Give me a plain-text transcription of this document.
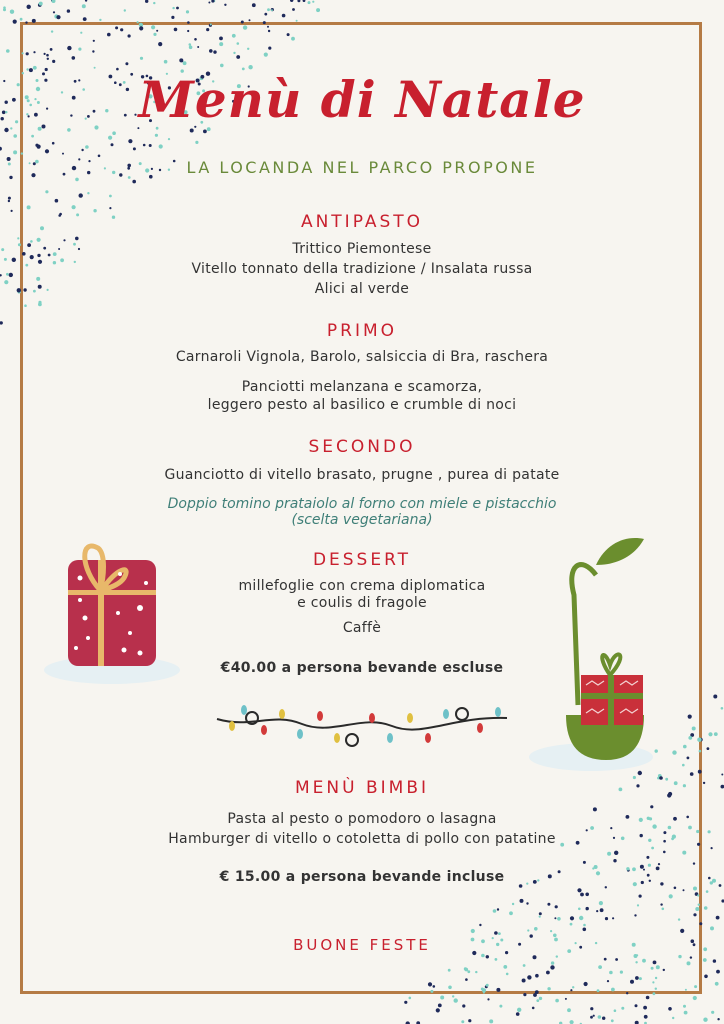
Menù di Natale
LA LOCANDA NEL PARCO PROPONE
ANTIPASTO
Trittico Piemontese
Vitello tonnato della tradizione / Insalata russa
Alici al verde
PRIMO
Carnaroli Vignola, Barolo, salsiccia di Bra, raschera
Panciotti melanzana e scamorza,
leggero pesto al basilico e crumble di noci
SECONDO
Guanciotto di vitello brasato, prugne , purea di patate
Doppio tomino prataiolo al forno con miele e pistacchio
(scelta vegetariana)
DESSERT
millefoglie con crema diplomatica
e coulis di fragole
Caffè
€40.00 a persona bevande escluse
MENÙ BIMBI
Pasta al pesto o pomodoro o lasagna
Hamburger di vitello o cotoletta di pollo con patatine
€ 15.00 a persona bevande incluse
BUONE FESTE
